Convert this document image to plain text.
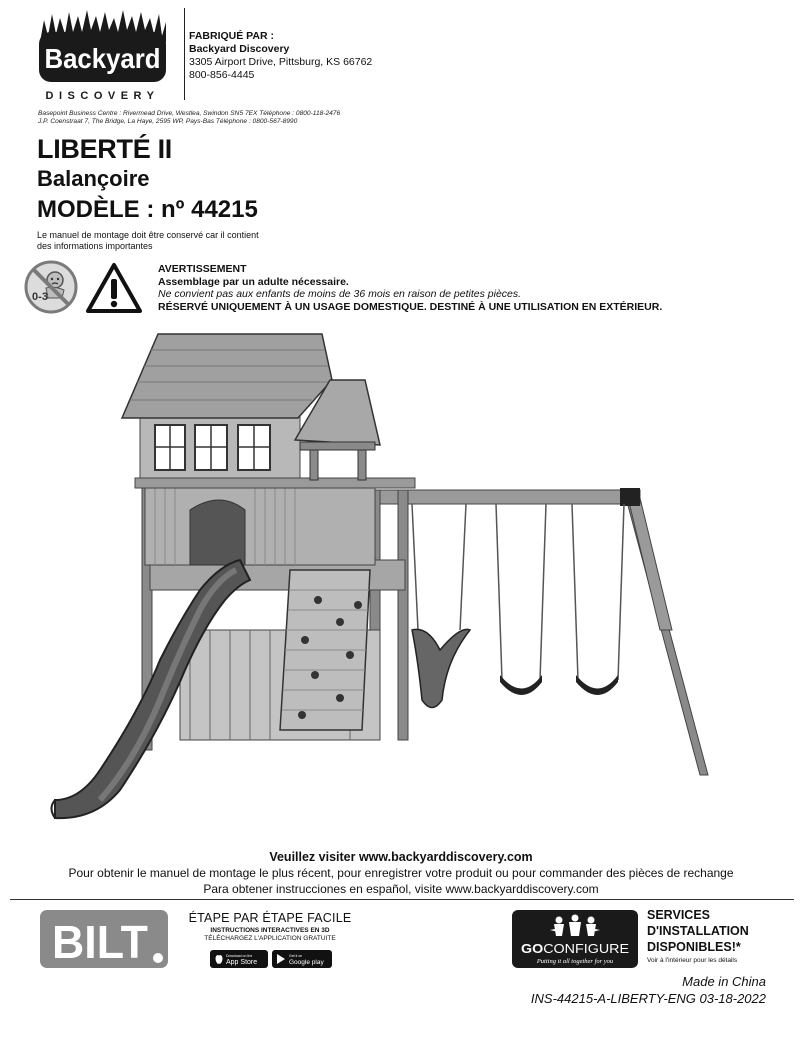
Backyard
DISCOVERY
FABRIQUÉ PAR :
Backyard Discovery
3305 Airport Drive, Pittsburg, KS 66762
800-856-4445
Basepoint Business Centre : Rivermead Drive, Westlea, Swindon SN5 7EX Téléphone : 0800-118-2476
J.P. Coenstraat 7, The Bridge, La Haye, 2595 WP, Pays-Bas Téléphone : 0800-567-8990
LIBERTÉ II
Balançoire
MODÈLE : nº 44215
Le manuel de montage doit être conservé car il contient
des informations importantes
0-3
AVERTISSEMENT
Assemblage par un adulte nécessaire.
Ne convient pas aux enfants de moins de 36 mois en raison de petites pièces.
RÉSERVÉ UNIQUEMENT À UN USAGE DOMESTIQUE. DESTINÉ À UNE UTILISATION EN EXTÉRIEUR.
Veuillez visiter www.backyarddiscovery.com
Pour obtenir le manuel de montage le plus récent, pour enregistrer votre produit ou pour commander des pièces de rechange
Para obtener instrucciones en español, visite www.backyarddiscovery.com
BILT	ÉTAPE PAR ÉTAPE FACILE
INSTRUCTIONS INTERACTIVES EN 3D
TÉLÉCHARGEZ L'APPLICATION GRATUITE
Download on the
App Store
Get it on
Google play
GO CONFIGURE
Putting it all together for you
SERVICES
D'INSTALLATION
DISPONIBLES!*
Voir à l'intérieur pour les détails
Made in China
INS-44215-A-LIBERTY-ENG 03-18-2022
